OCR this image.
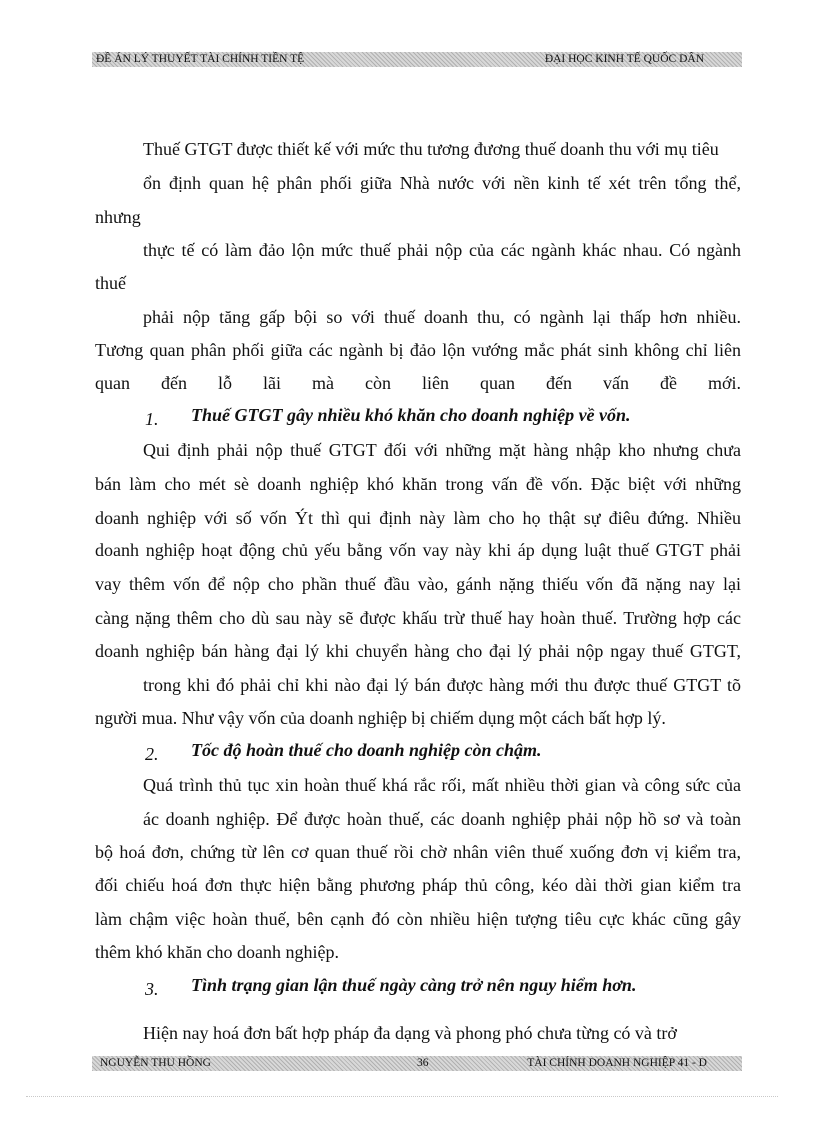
ĐỀ ÁN LÝ THUYẾT TÀI CHÍNH TIỀN TỆ	ĐẠI HỌC KINH TẾ QUỐC DÂN

Thuế GTGT được thiết kế với mức thu tương đương thuế doanh thu với mụ tiêu

ổn định quan hệ phân phối giữa Nhà nước với nền kinh tế xét trên tổng thể,

nhưng

thực tế có làm đảo lộn mức thuế phải nộp của các ngành khác nhau. Có ngành

thuế

phải nộp tăng gấp bội so với thuế doanh thu, có ngành lại thấp hơn nhiều.

Tương quan phân phối giữa các ngành bị đảo lộn vướng mắc phát sinh không chỉ liên

quan đến lỗ lãi mà còn liên quan đến vấn đề mới.

1. Thuế GTGT gây nhiều khó khăn cho doanh nghiệp về vốn.

Qui định phải nộp thuế GTGT đối với những mặt hàng nhập kho nhưng chưa

bán làm cho mét sè doanh nghiệp khó khăn trong vấn đề vốn. Đặc biệt với những

doanh nghiệp với số vốn Ýt thì qui định này làm cho họ thật sự điêu đứng. Nhiều

doanh nghiệp hoạt động chủ yếu bằng vốn vay này khi áp dụng luật thuế GTGT phải

vay thêm vốn để nộp cho phần thuế đầu vào, gánh nặng thiếu vốn đã nặng nay lại

càng nặng thêm cho dù sau này sẽ được khấu trừ thuế hay hoàn thuế. Trường hợp các

doanh nghiệp bán hàng đại lý khi chuyển hàng cho đại lý phải nộp ngay thuế GTGT,

trong khi đó phải chỉ khi nào đại lý bán được hàng mới thu được thuế GTGT tõ

người mua. Như vậy vốn của doanh nghiệp bị chiếm dụng một cách bất hợp lý.

2. Tốc độ hoàn thuế cho doanh nghiệp còn chậm.

Quá trình thủ tục xin hoàn thuế khá rắc rối, mất nhiều thời gian và công sức của

ác doanh nghiệp. Để được hoàn thuế, các doanh nghiệp phải nộp hồ sơ và toàn

bộ hoá đơn, chứng từ lên cơ quan thuế rồi chờ nhân viên thuế xuống đơn vị kiểm tra,

đối chiếu hoá đơn thực hiện bằng phương pháp thủ công, kéo dài thời gian kiểm tra

làm chậm việc hoàn thuế, bên cạnh đó còn nhiều hiện tượng tiêu cực khác cũng gây

thêm khó khăn cho doanh nghiệp.

3. Tình trạng gian lận thuế ngày càng trở nên nguy hiểm hơn.

Hiện nay hoá đơn bất hợp pháp đa dạng và phong phó chưa từng có và trở

NGUYỄN THU HỒNG	36	TÀI CHÍNH DOANH NGHIỆP 41 - D
